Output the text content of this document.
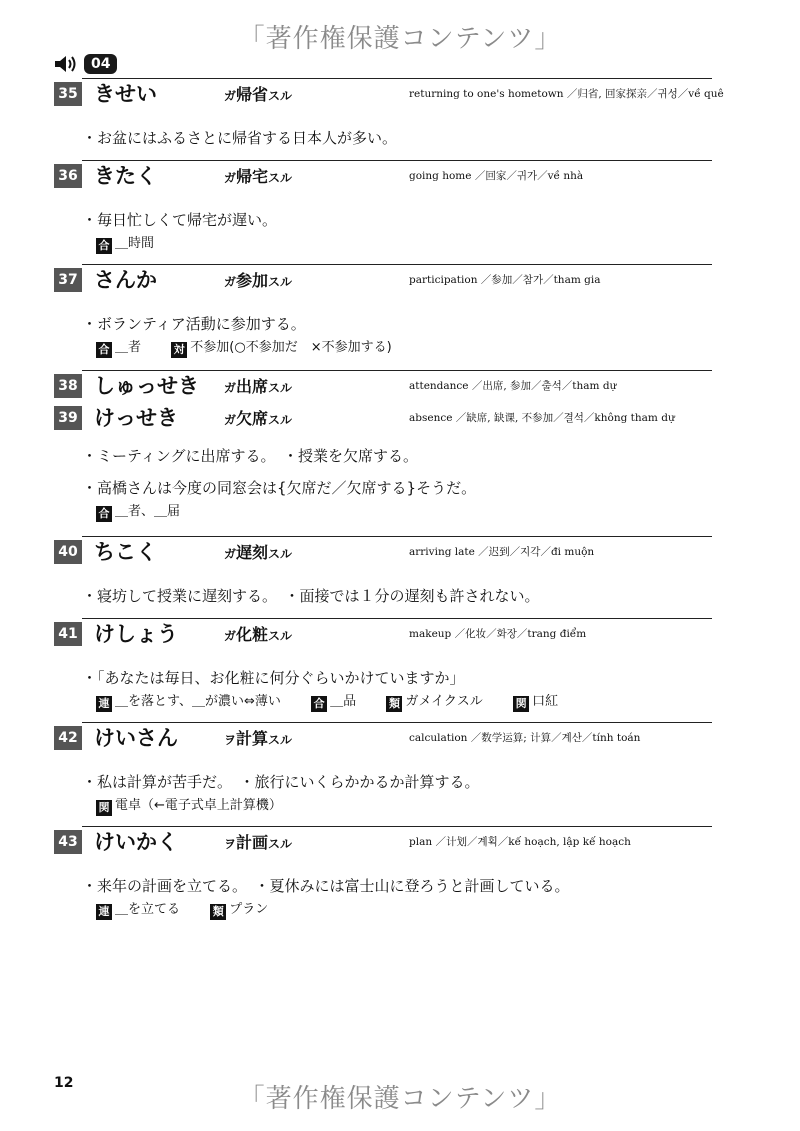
「著作権保護コンテンツ」
04
35 きせい	ガ帰省スル	returning to one's hometown ／归省, 回家探亲／귀성／về quê
・お盆にはふるさとに帰省する日本人が多い。
36 きたく	ガ帰宅スル	going home ／回家／귀가／về nhà
・毎日忙しくて帰宅が遅い。
合 ＿時間
37 さんか	ガ参加スル	participation ／参加／참가／tham gia
・ボランティア活動に参加する。
合 ＿者	対 不参加(○不参加だ　×不参加する)
38 しゅっせき ガ出席スル	attendance ／出席, 参加／출석／tham dự
39 けっせき	ガ欠席スル	absence ／缺席, 缺课, 不参加／결석／không tham dự
・ミーティングに出席する。　・授業を欠席する。
・高橋さんは今度の同窓会は{欠席だ／欠席する}そうだ。
合 ＿者、＿届
40 ちこく	ガ遅刻スル	arriving late ／迟到／지각／đi muộn
・寝坊して授業に遅刻する。　・面接では１分の遅刻も許されない。
41 けしょう	ガ化粧スル	makeup ／化妆／화장／trang điểm
・「あなたは毎日、お化粧に何分ぐらいかけていますか」
連 ＿を落とす、＿が濃い⇔薄い	合 ＿品	類 ガメイクスル	関 口紅
42 けいさん	ヲ計算スル	calculation ／数学运算; 计算／계산／tính toán
・私は計算が苦手だ。　・旅行にいくらかかるか計算する。
関 電卓（←電子式卓上計算機）
43 けいかく	ヲ計画スル	plan ／计划／계획／kế hoạch, lập kế hoạch
・来年の計画を立てる。　・夏休みには富士山に登ろうと計画している。
連 ＿を立てる	類 プラン
12
「著作権保護コンテンツ」
